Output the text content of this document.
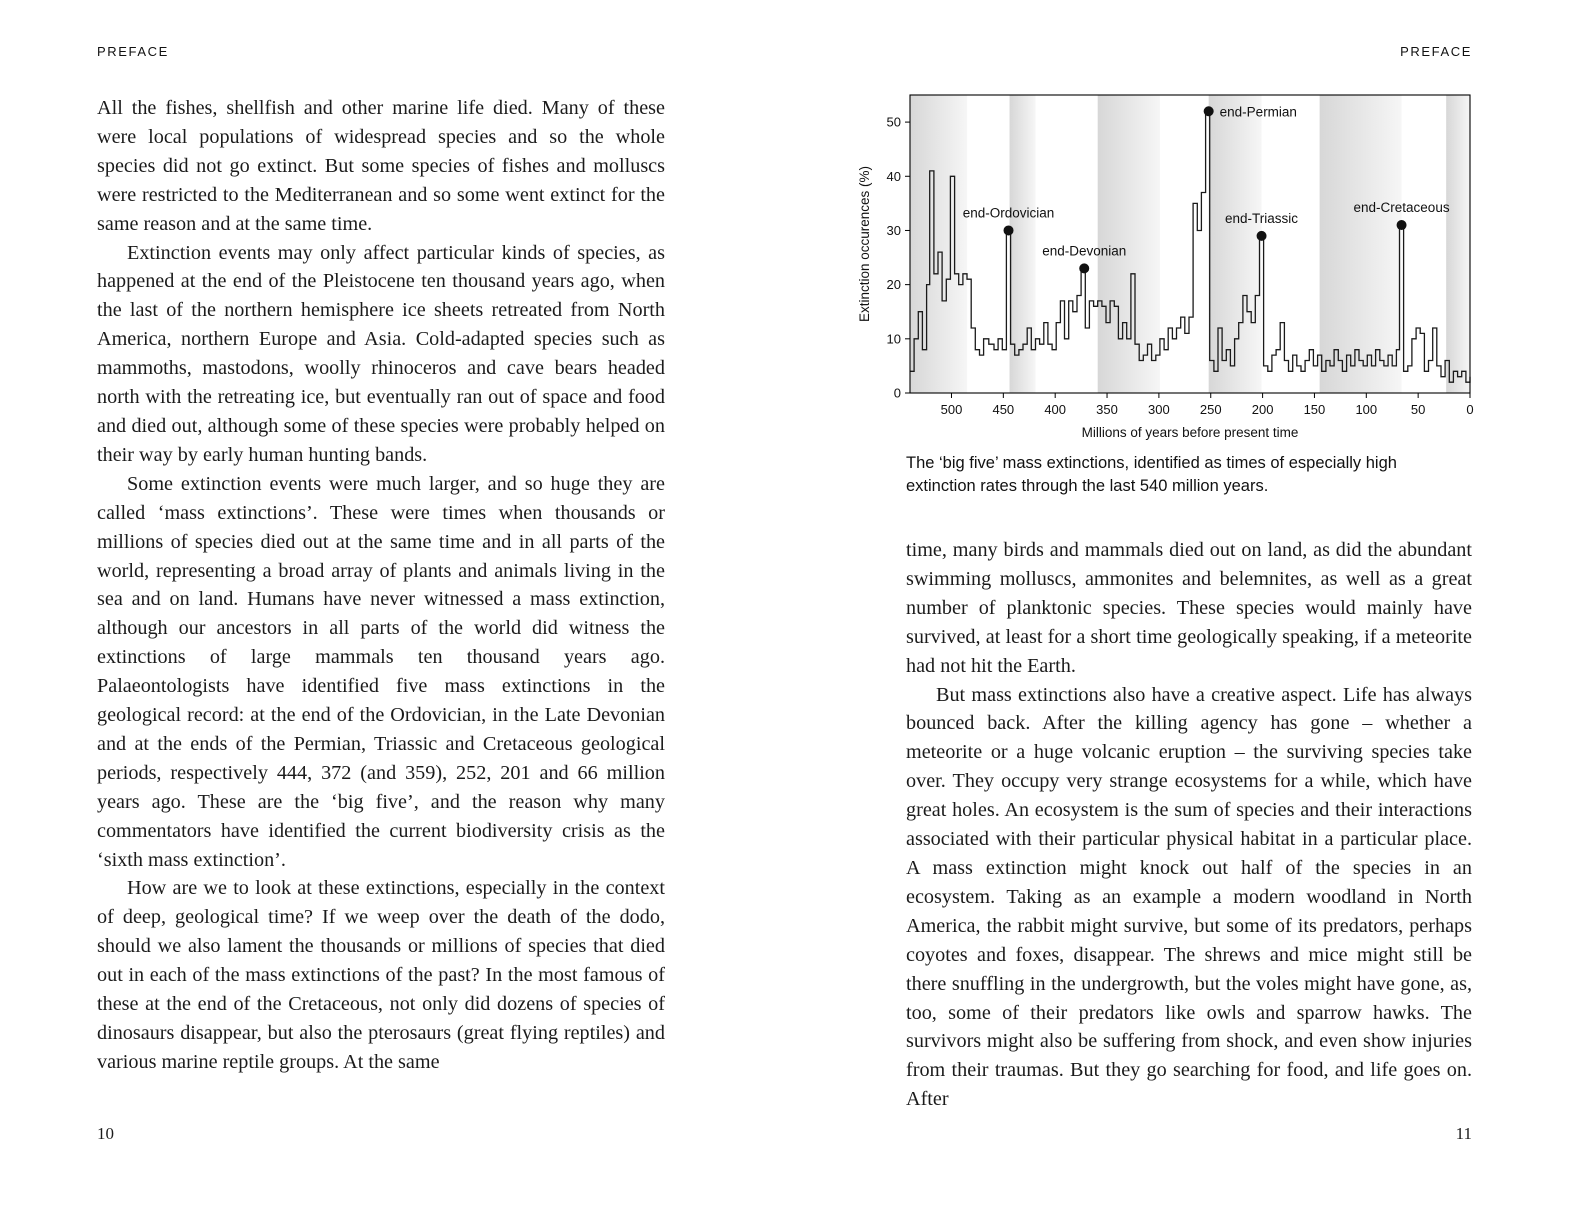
PREFACE	PREFACE

All the fishes, shellfish and other marine life died. Many of these were local populations of widespread species and so the whole species did not go extinct. But some species of fishes and molluscs were restricted to the Mediterranean and so some went extinct for the same reason and at the same time.

Extinction events may only affect particular kinds of species, as happened at the end of the Pleistocene ten thousand years ago, when the last of the northern hemisphere ice sheets retreated from North America, northern Europe and Asia. Cold-adapted species such as mammoths, mastodons, woolly rhinoceros and cave bears headed north with the retreating ice, but eventually ran out of space and food and died out, although some of these species were probably helped on their way by early human hunting bands.

Some extinction events were much larger, and so huge they are called ‘mass extinctions’. These were times when thousands or millions of species died out at the same time and in all parts of the world, representing a broad array of plants and animals living in the sea and on land. Humans have never witnessed a mass extinction, although our ancestors in all parts of the world did witness the extinctions of large mammals ten thousand years ago. Palaeontologists have identified five mass extinctions in the geological record: at the end of the Ordovician, in the Late Devonian and at the ends of the Permian, Triassic and Cretaceous geological periods, respectively 444, 372 (and 359), 252, 201 and 66 million years ago. These are the ‘big five’, and the reason why many commentators have identified the current biodiversity crisis as the ‘sixth mass extinction’.

How are we to look at these extinctions, especially in the context of deep, geological time? If we weep over the death of the dodo, should we also lament the thousands or millions of species that died out in each of the mass extinctions of the past? In the most famous of these at the end of the Cretaceous, not only did dozens of species of dinosaurs disappear, but also the pterosaurs (great flying reptiles) and various marine reptile groups. At the same

500 450 400 350 300 250 200 150 100	50	0
0
10
20
30
40
50
Millions of years before present time
Extinction occurences (%)	end-Ordovician
end-Devonian
end-Permian
end-Triassic
end-Cretaceous
The ‘big five’ mass extinctions, identified as times of especially high extinction rates through the last 540 million years.

time, many birds and mammals died out on land, as did the abundant swimming molluscs, ammonites and belemnites, as well as a great number of planktonic species. These species would mainly have survived, at least for a short time geologically speaking, if a meteorite had not hit the Earth.

But mass extinctions also have a creative aspect. Life has always bounced back. After the killing agency has gone – whether a meteorite or a huge volcanic eruption – the surviving species take over. They occupy very strange ecosystems for a while, which have great holes. An ecosystem is the sum of species and their interactions associated with their particular physical habitat in a particular place. A mass extinction might knock out half of the species in an ecosystem. Taking as an example a modern woodland in North America, the rabbit might survive, but some of its predators, perhaps coyotes and foxes, disappear. The shrews and mice might still be there snuffling in the undergrowth, but the voles might have gone, as, too, some of their predators like owls and sparrow hawks. The survivors might also be suffering from shock, and even show injuries from their traumas. But they go searching for food, and life goes on. After

10	11
